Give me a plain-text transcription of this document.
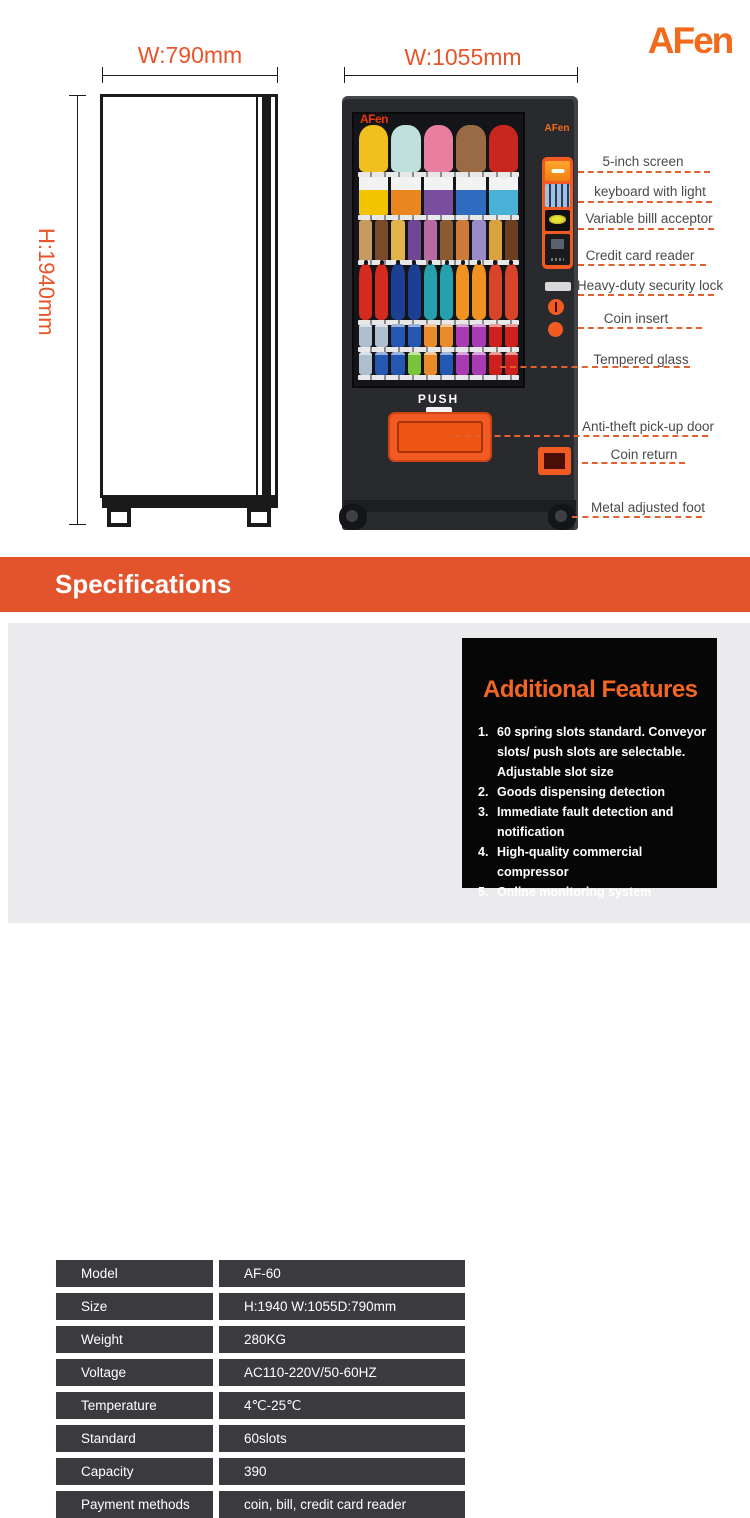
AFen
W:790mm	W:1055mm
H:1940mm
AFen
AFen
PUSH
5-inch screen
keyboard with light
Variable billl acceptor
Credit card reader
Heavy-duty security lock
Coin insert
Tempered glass
Anti-theft pick-up door
Coin return
Metal adjusted foot
Specifications
Model	AF-60
Size	H:1940 W:1055D:790mm
Weight	280KG
Voltage	AC110-220V/50-60HZ
Temperature	4℃-25℃
Standard	60slots
Capacity	390
Payment methods	coin, bill, credit card reader
Additional Features
1. 60 spring slots standard. Conveyor slots/ push slots are selectable. Adjustable slot size
2. Goods dispensing detection
3. Immediate fault detection and notification
4. High-quality commercial compressor
5. Online monitoring system
